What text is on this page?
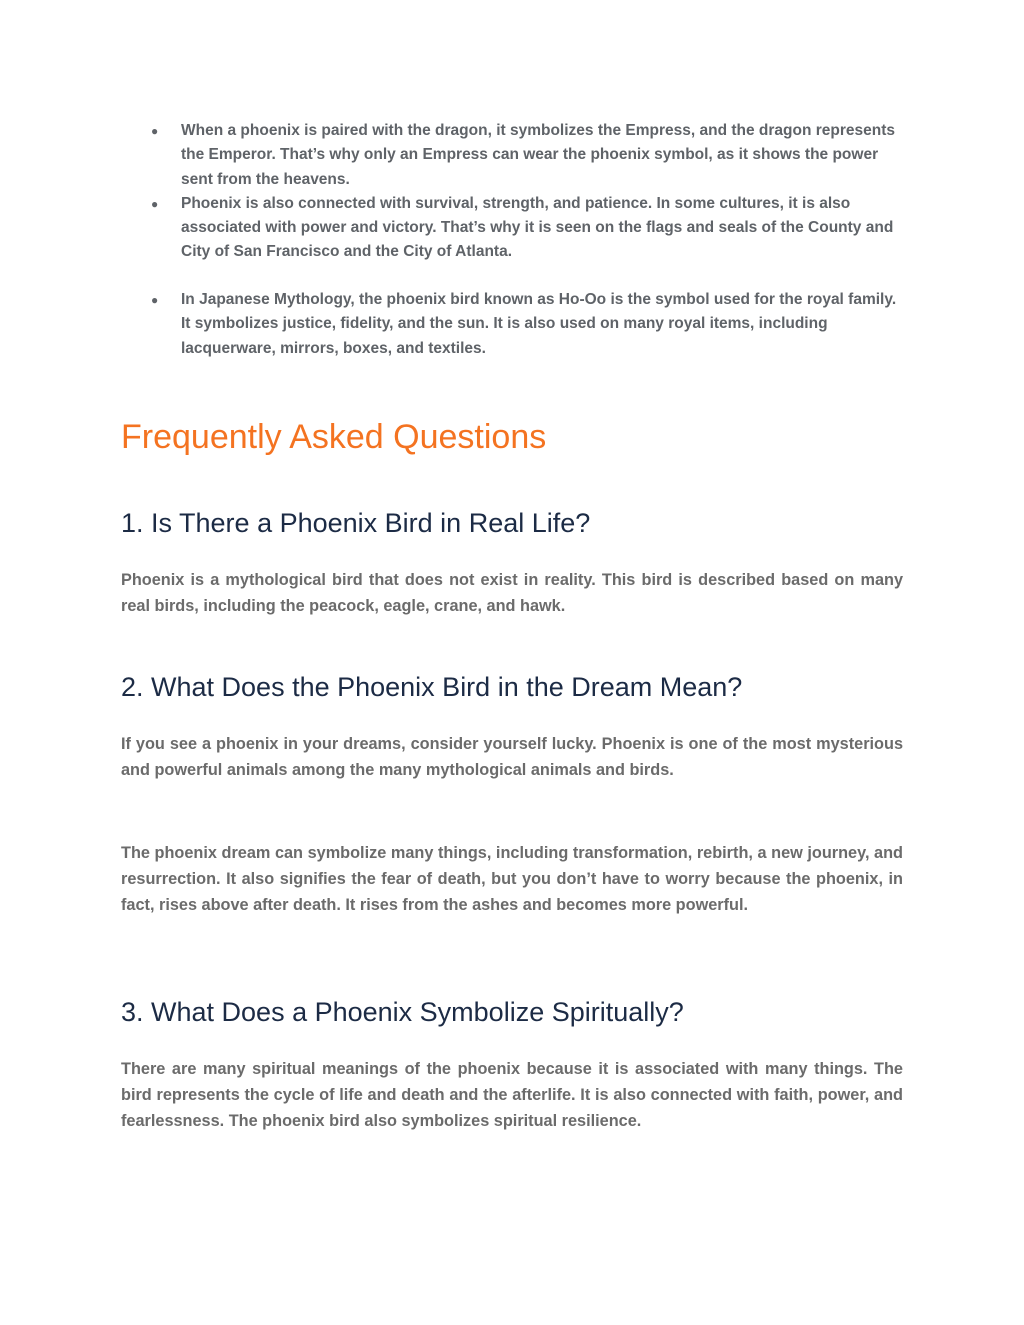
● When a phoenix is paired with the dragon, it symbolizes the Empress, and the dragon represents the Emperor. That’s why only an Empress can wear the phoenix symbol, as it shows the power sent from the heavens.
● Phoenix is also connected with survival, strength, and patience. In some cultures, it is also associated with power and victory. That’s why it is seen on the flags and seals of the County and City of San Francisco and the City of Atlanta.
● In Japanese Mythology, the phoenix bird known as Ho-Oo is the symbol used for the royal family. It symbolizes justice, fidelity, and the sun. It is also used on many royal items, including lacquerware, mirrors, boxes, and textiles.
Frequently Asked Questions
1. Is There a Phoenix Bird in Real Life?

Phoenix is a mythological bird that does not exist in reality. This bird is described based on many real birds, including the peacock, eagle, crane, and hawk.

2. What Does the Phoenix Bird in the Dream Mean?

If you see a phoenix in your dreams, consider yourself lucky. Phoenix is one of the most mysterious and powerful animals among the many mythological animals and birds.

The phoenix dream can symbolize many things, including transformation, rebirth, a new journey, and resurrection. It also signifies the fear of death, but you don’t have to worry because the phoenix, in fact, rises above after death. It rises from the ashes and becomes more powerful.

3. What Does a Phoenix Symbolize Spiritually?

There are many spiritual meanings of the phoenix because it is associated with many things. The bird represents the cycle of life and death and the afterlife. It is also connected with faith, power, and fearlessness. The phoenix bird also symbolizes spiritual resilience.
